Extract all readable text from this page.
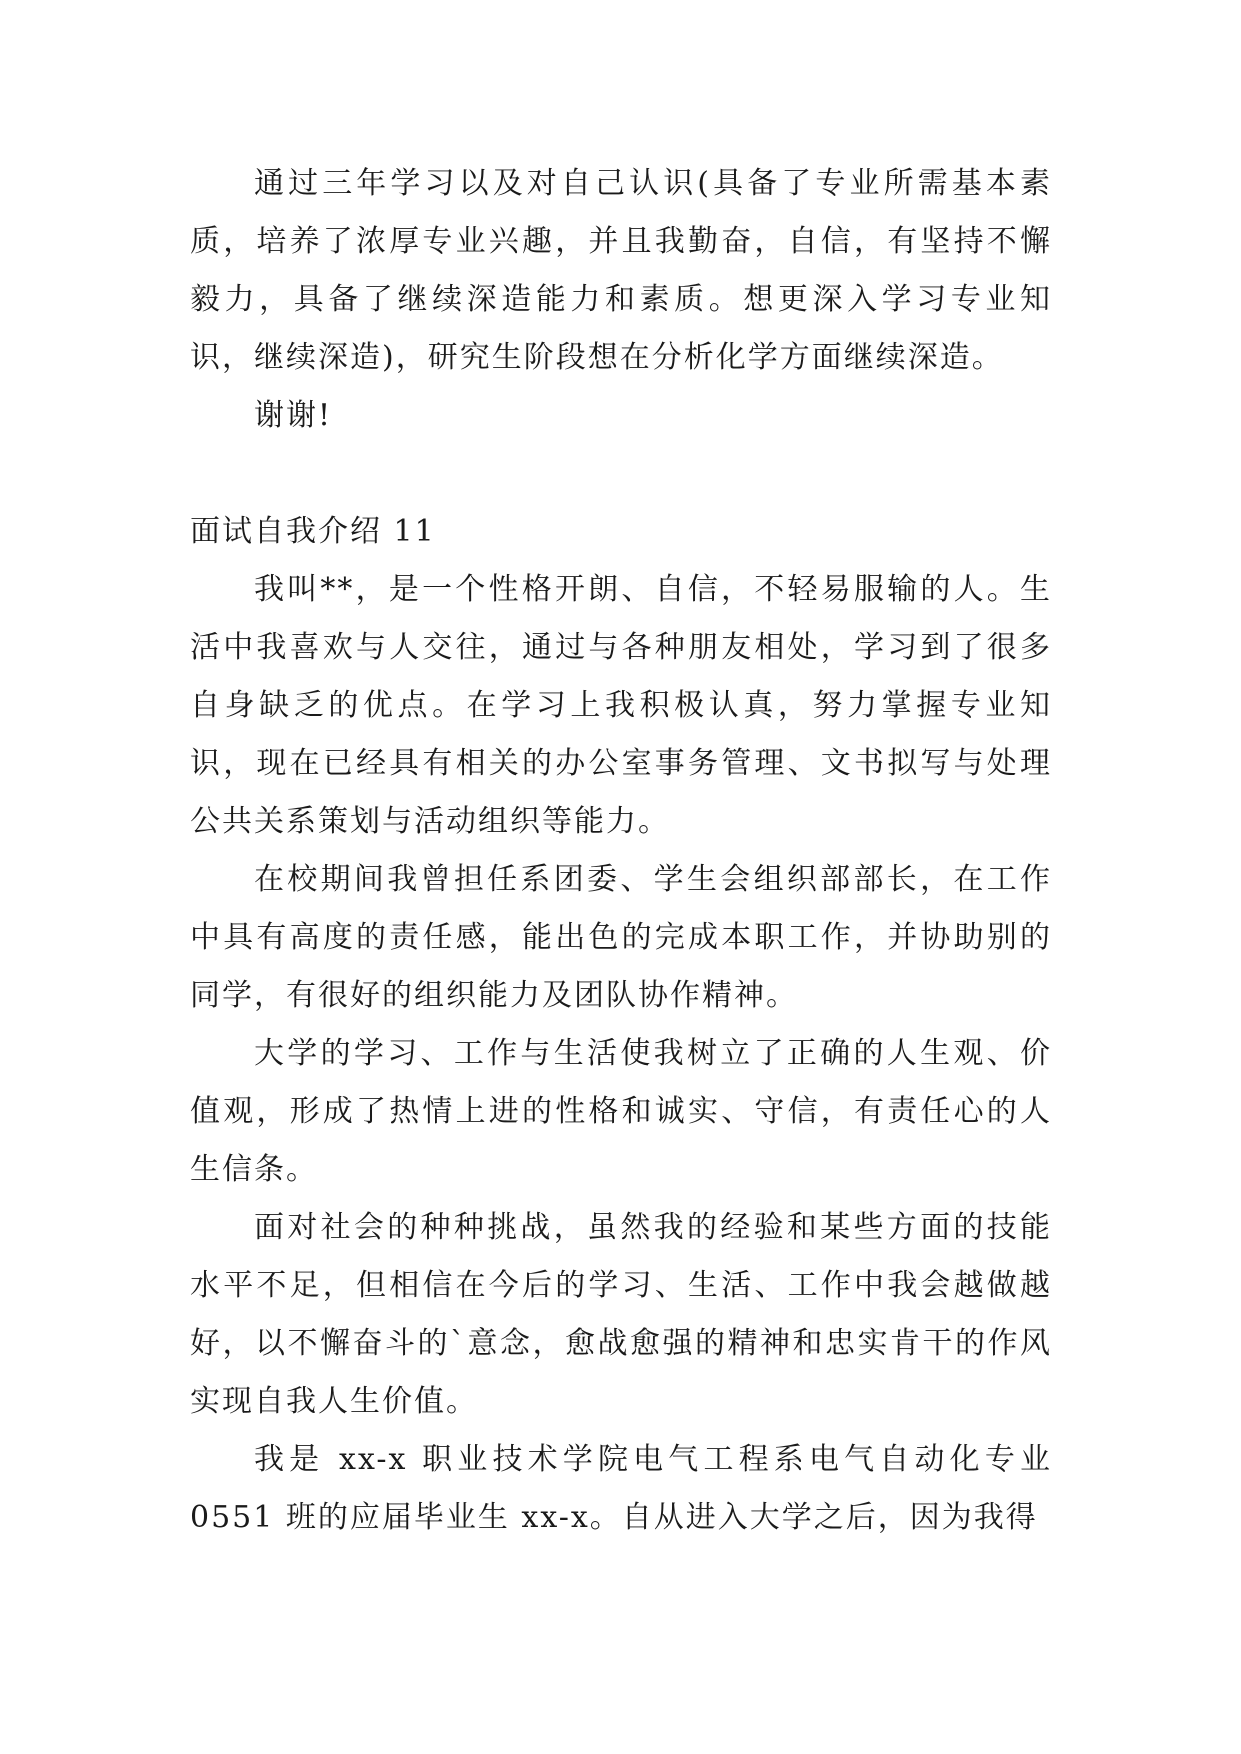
通过三年学习以及对自己认识(具备了专业所需基本素质，培养了浓厚专业兴趣，并且我勤奋，自信，有坚持不懈毅力，具备了继续深造能力和素质。想更深入学习专业知识，继续深造)，研究生阶段想在分析化学方面继续深造。

谢谢!

面试自我介绍 11

我叫**，是一个性格开朗、自信，不轻易服输的人。生活中我喜欢与人交往，通过与各种朋友相处，学习到了很多自身缺乏的优点。在学习上我积极认真，努力掌握专业知识，现在已经具有相关的办公室事务管理、文书拟写与处理公共关系策划与活动组织等能力。

在校期间我曾担任系团委、学生会组织部部长，在工作中具有高度的责任感，能出色的完成本职工作，并协助别的同学，有很好的组织能力及团队协作精神。

大学的学习、工作与生活使我树立了正确的人生观、价值观，形成了热情上进的性格和诚实、守信，有责任心的人生信条。

面对社会的种种挑战，虽然我的经验和某些方面的技能水平不足，但相信在今后的学习、生活、工作中我会越做越好，以不懈奋斗的`意念，愈战愈强的精神和忠实肯干的作风实现自我人生价值。

我是 xx-x 职业技术学院电气工程系电气自动化专业 0551 班的应届毕业生 xx-x。自从进入大学之后，因为我得
